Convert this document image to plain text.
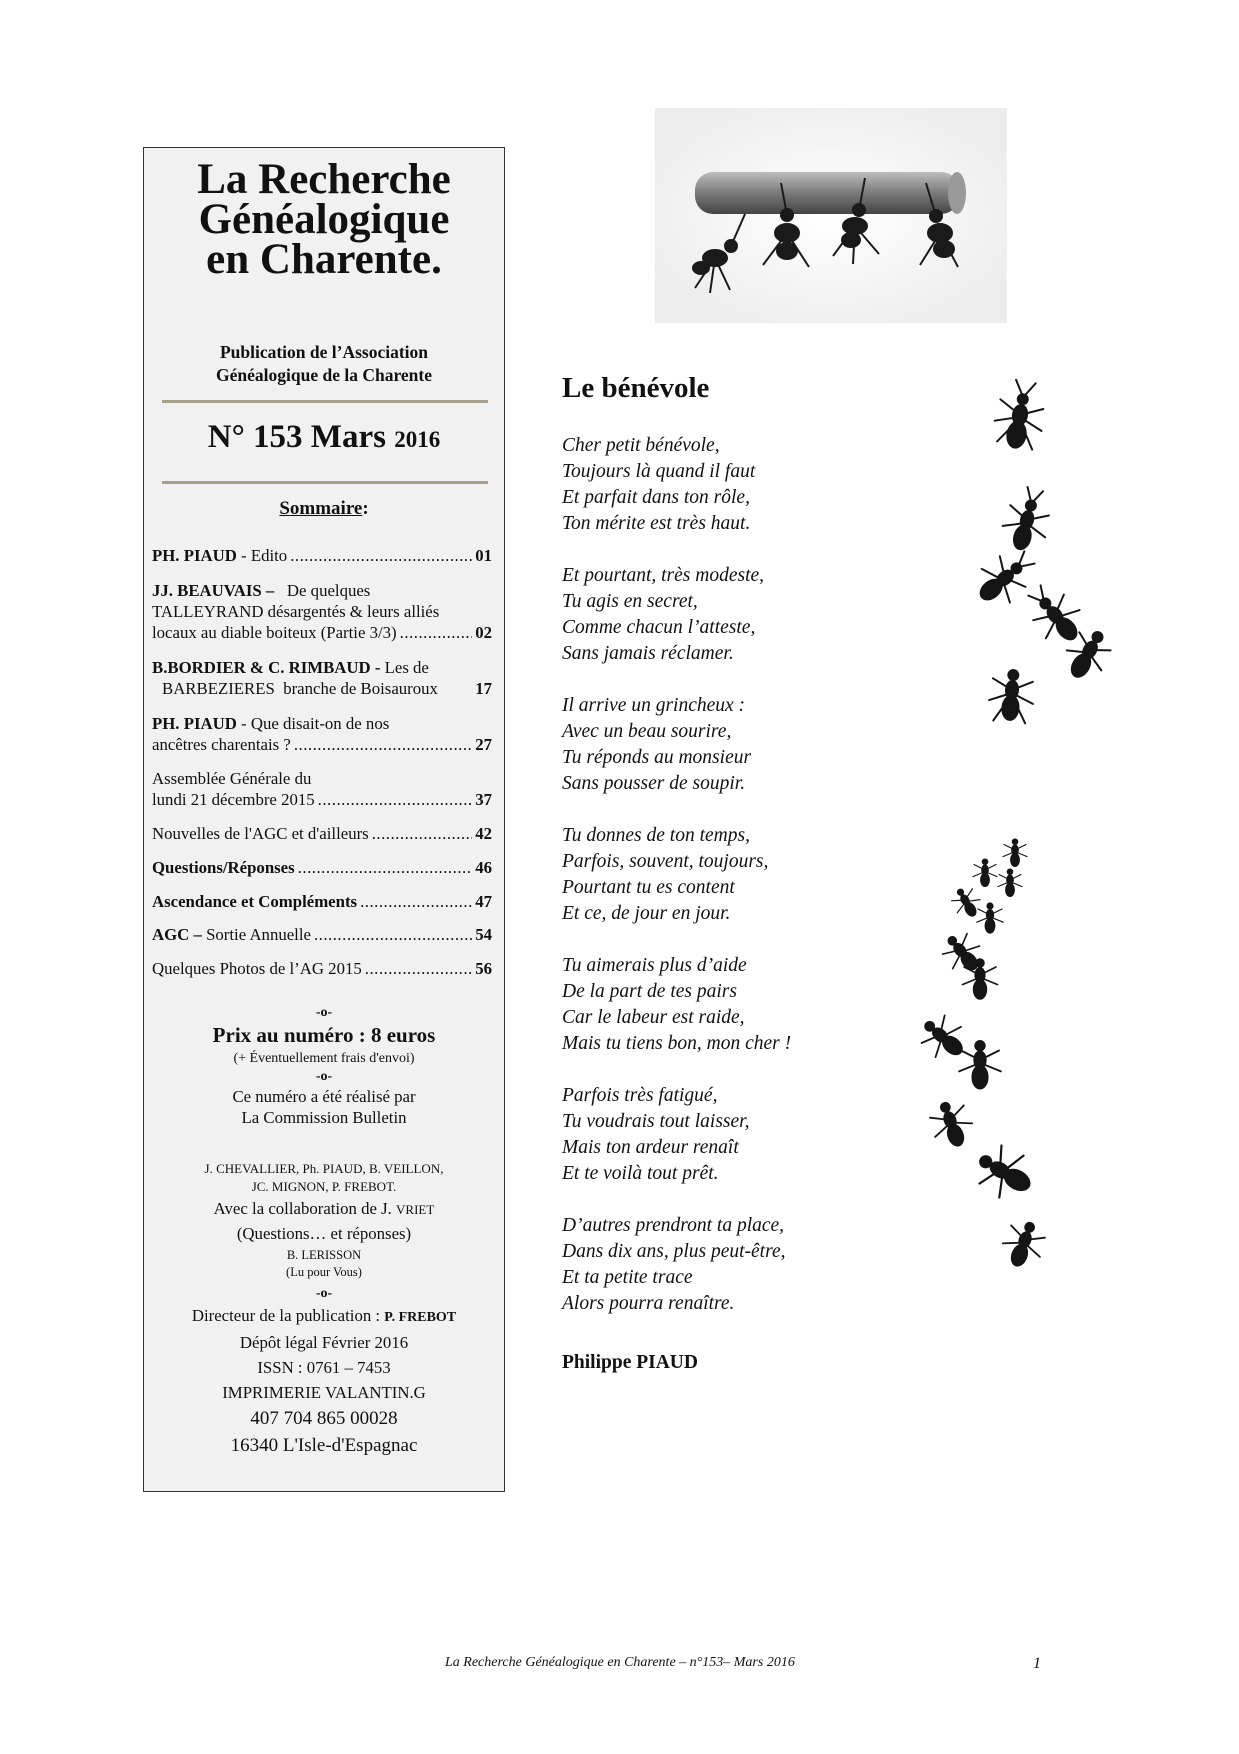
La Recherche
Généalogique
en Charente.
Publication de l’Association
Généalogique de la Charente
N° 153 Mars 2016
Sommaire:
PH. PIAUD - Edito .....	01
JJ. BEAUVAIS –   De quelques
TALLEYRAND désargentés & leurs alliés
locaux au diable boiteux (Partie 3/3) .....	02
B.BORDIER & C. RIMBAUD - Les de
BARBEZIERES  branche de Boisauroux 17
PH. PIAUD - Que disait-on de nos
ancêtres charentais ? .....	27
Assemblée Générale du
lundi 21 décembre 2015 .....	37
Nouvelles de l'AGC et d'ailleurs .....	42
Questions/Réponses .....	46
Ascendance et Compléments .....	47
AGC – Sortie Annuelle .....	54
Quelques Photos de l’AG 2015 .....	56
-o-
Prix au numéro : 8 euros
(+ Éventuellement frais d'envoi)
-o-
Ce numéro a été réalisé par
La Commission Bulletin
J. CHEVALLIER, Ph. PIAUD, B. VEILLON,
JC. MIGNON, P. FREBOT.
Avec la collaboration de J. VRIET
(Questions… et réponses)
B. LERISSON
(Lu pour Vous)
-o-
Directeur de la publication : P. FREBOT
Dépôt légal Février 2016
ISSN : 0761 – 7453
IMPRIMERIE VALANTIN.G
407 704 865 00028
16340 L'Isle-d'Espagnac
Le bénévole
Cher petit bénévole,
Toujours là quand il faut
Et parfait dans ton rôle,
Ton mérite est très haut.
Et pourtant, très modeste,
Tu agis en secret,
Comme chacun l’atteste,
Sans jamais réclamer.
Il arrive un grincheux :
Avec un beau sourire,
Tu réponds au monsieur
Sans pousser de soupir.
Tu donnes de ton temps,
Parfois, souvent, toujours,
Pourtant tu es content
Et ce, de jour en jour.
Tu aimerais plus d’aide
De la part de tes pairs
Car le labeur est raide,
Mais tu tiens bon, mon cher !
Parfois très fatigué,
Tu voudrais tout laisser,
Mais ton ardeur renaît
Et te voilà tout prêt.
D’autres prendront ta place,
Dans dix ans, plus peut-être,
Et ta petite trace
Alors pourra renaître.
Philippe PIAUD
La Recherche Généalogique en Charente – n°153– Mars 2016	1
